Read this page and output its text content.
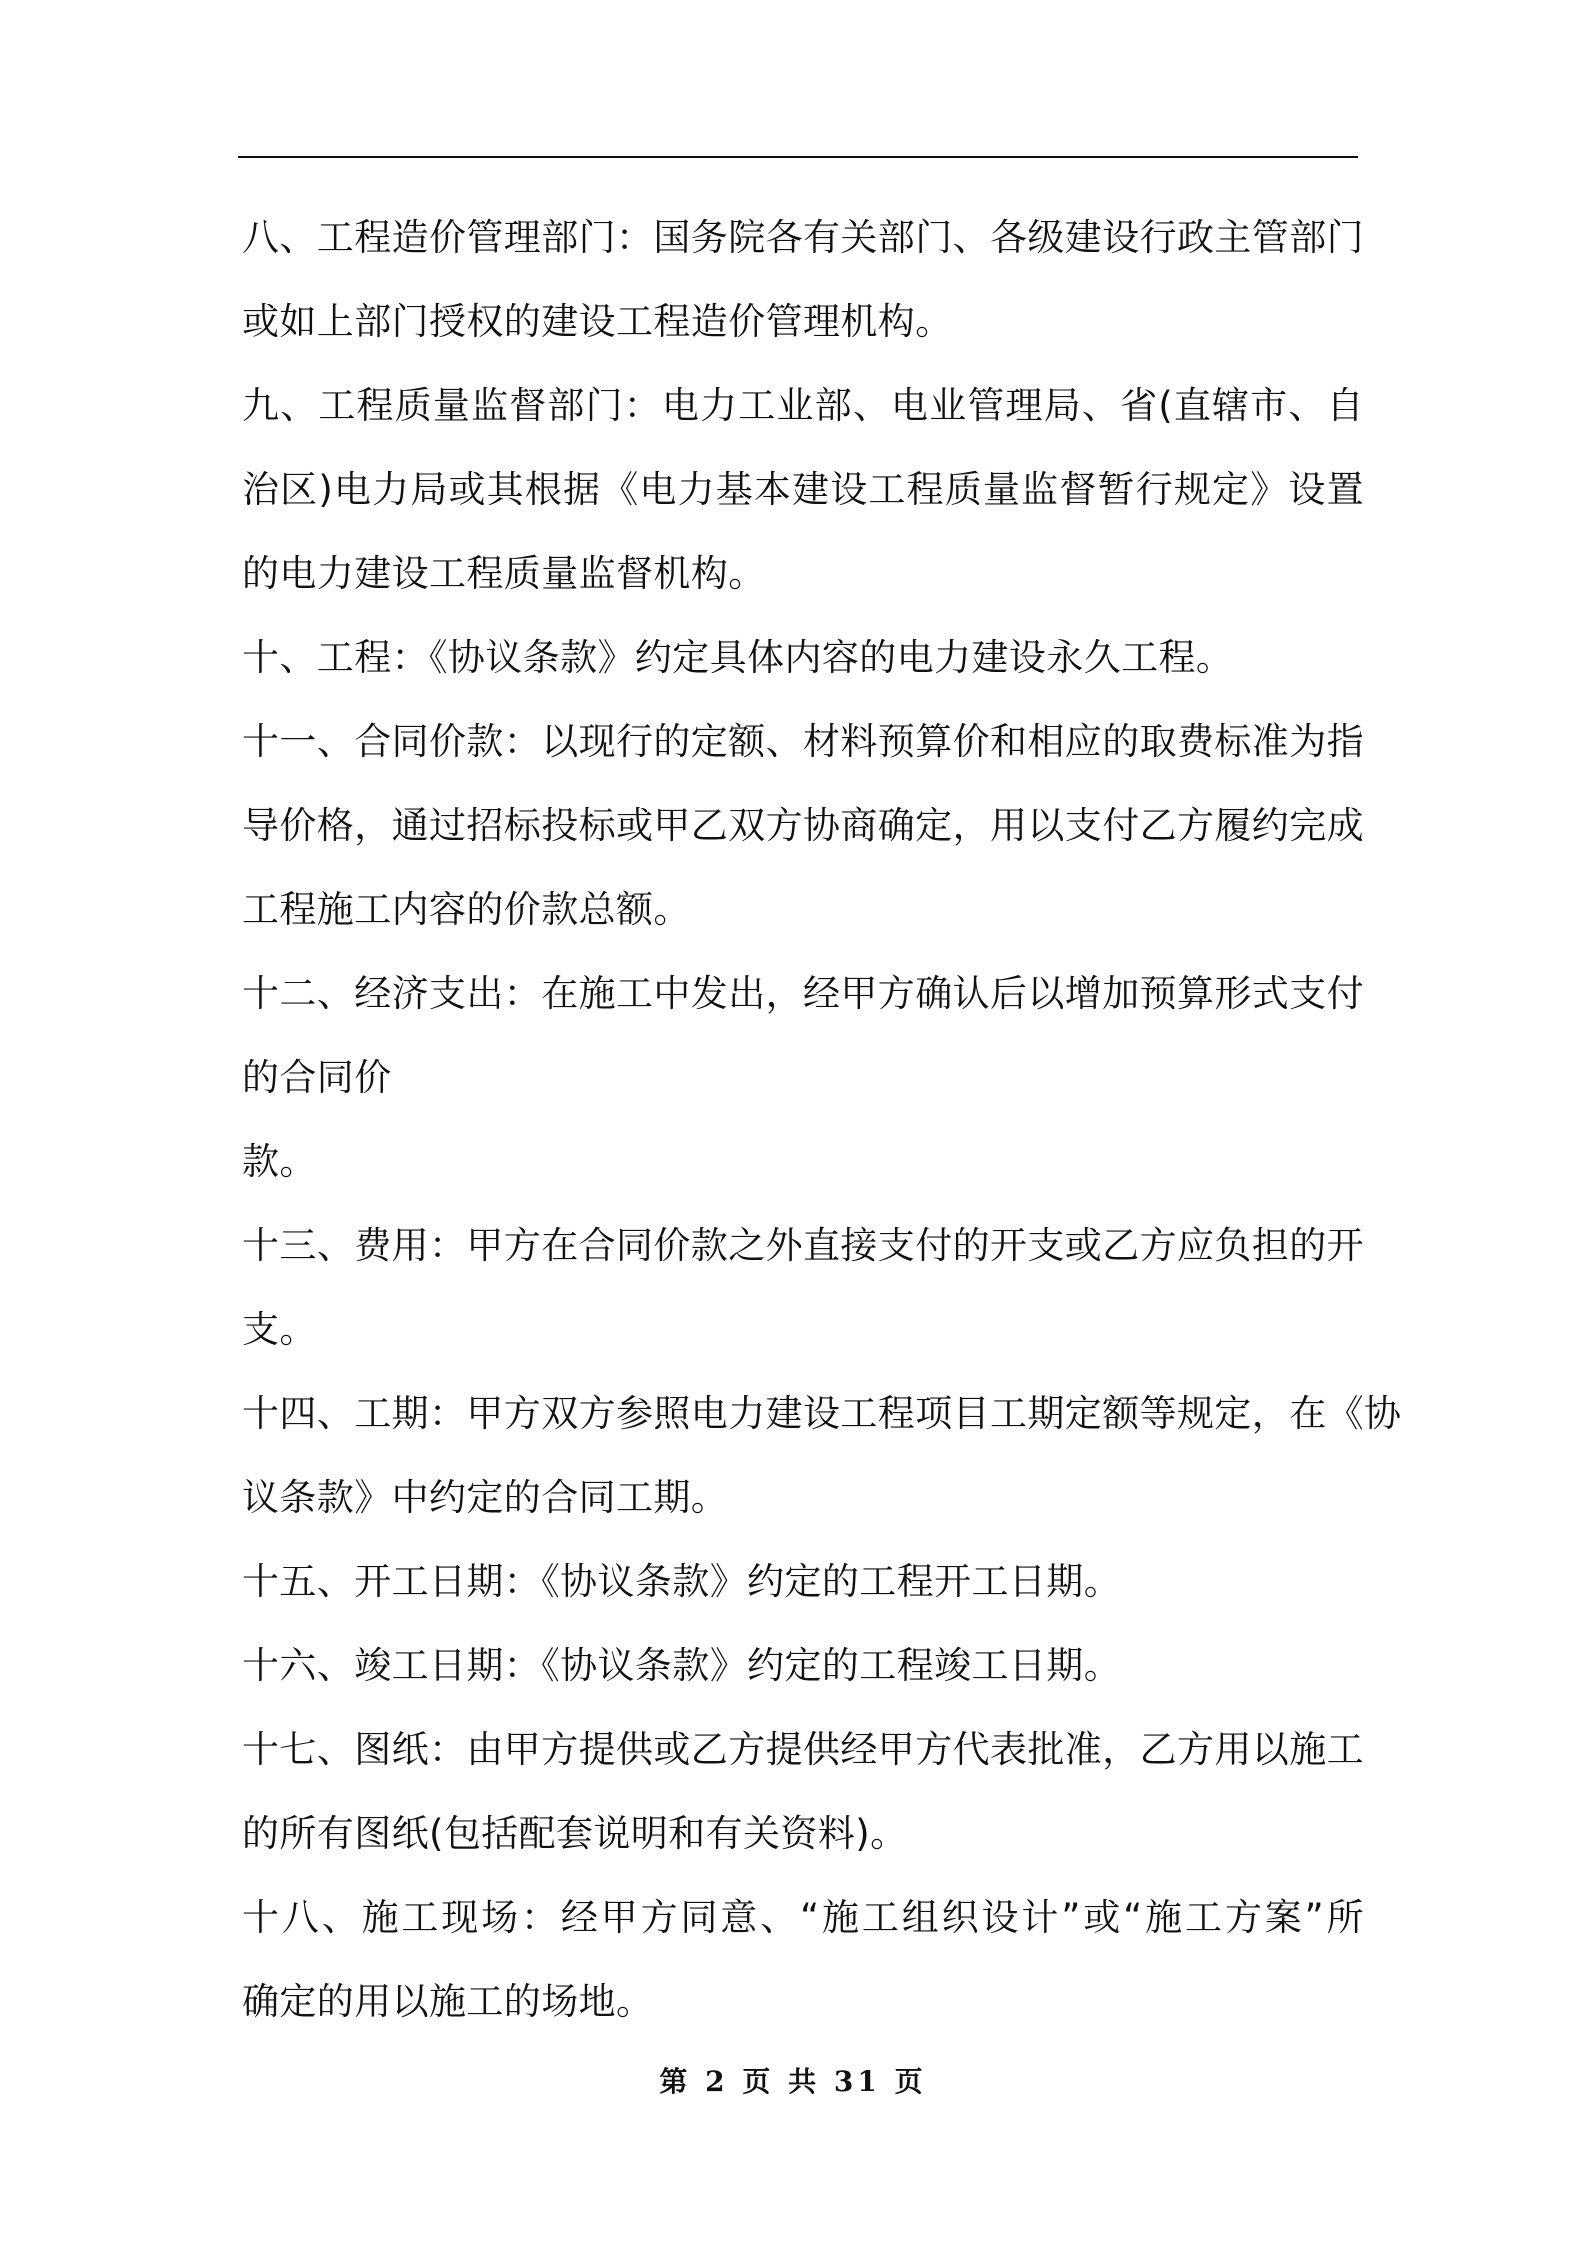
八、工程造价管理部门：国务院各有关部门、各级建设行政主管部门
或如上部门授权的建设工程造价管理机构。
九、工程质量监督部门：电力工业部、电业管理局、省(直辖市、自
治区)电力局或其根据《电力基本建设工程质量监督暂行规定》设置
的电力建设工程质量监督机构。
十、工程：《协议条款》约定具体内容的电力建设永久工程。
十一、合同价款：以现行的定额、材料预算价和相应的取费标准为指
导价格，通过招标投标或甲乙双方协商确定，用以支付乙方履约完成
工程施工内容的价款总额。
十二、经济支出：在施工中发出，经甲方确认后以增加预算形式支付
的合同价
款。
十三、费用：甲方在合同价款之外直接支付的开支或乙方应负担的开
支。
十四、工期：甲方双方参照电力建设工程项目工期定额等规定，在《协
议条款》中约定的合同工期。
十五、开工日期：《协议条款》约定的工程开工日期。
十六、竣工日期：《协议条款》约定的工程竣工日期。
十七、图纸：由甲方提供或乙方提供经甲方代表批准，乙方用以施工
的所有图纸(包括配套说明和有关资料)。
十八、施工现场：经甲方同意、“施工组织设计”或“施工方案”所
确定的用以施工的场地。
第 2 页 共 31 页
